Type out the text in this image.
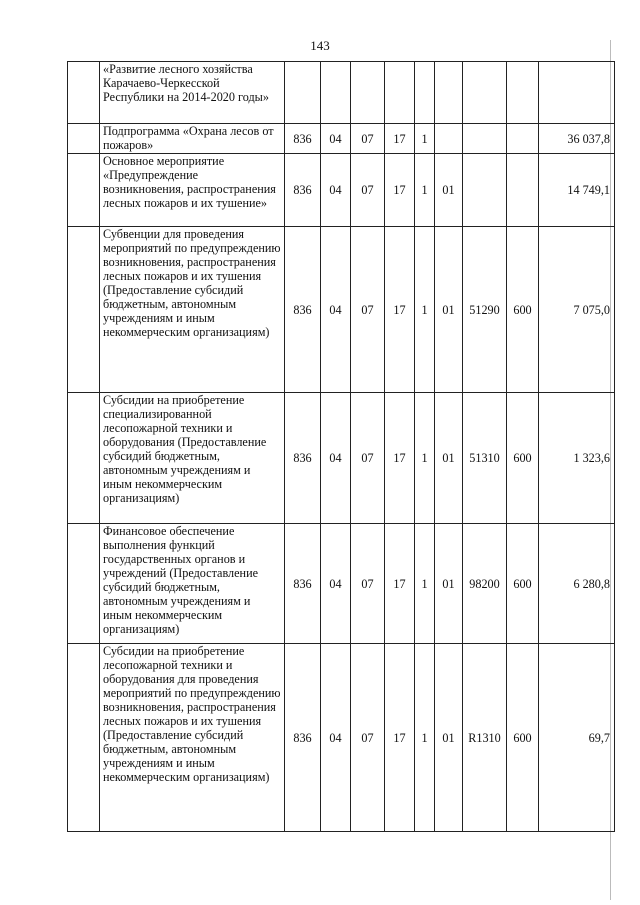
143
	«Развитие лесного хозяйства Карачаево-Черкесской Республики на 2014-2020 годы»									
	Подпрограмма «Охрана лесов от пожаров»	836	04	07	17	1				36 037,8
	Основное мероприятие «Предупреждение возникновения, распространения лесных пожаров и их тушение»	836	04	07	17	1	01			14 749,1
	Субвенции для проведения мероприятий по предупреждению возникновения, распространения лесных пожаров и их тушения (Предоставление субсидий бюджетным, автономным учреждениям и иным некоммерческим организациям)	836	04	07	17	1	01	51290	600	7 075,0
	Субсидии на приобретение специализированной лесопожарной техники и оборудования (Предоставление субсидий бюджетным, автономным учреждениям и иным некоммерческим организациям)	836	04	07	17	1	01	51310	600	1 323,6
	Финансовое обеспечение выполнения функций государственных органов и учреждений (Предоставление субсидий бюджетным, автономным учреждениям и иным некоммерческим организациям)	836	04	07	17	1	01	98200	600	6 280,8
	Субсидии на приобретение лесопожарной техники и оборудования для проведения мероприятий по предупреждению возникновения, распространения лесных пожаров и их тушения (Предоставление субсидий бюджетным, автономным учреждениям и иным некоммерческим организациям)	836	04	07	17	1	01	R1310	600	69,7
